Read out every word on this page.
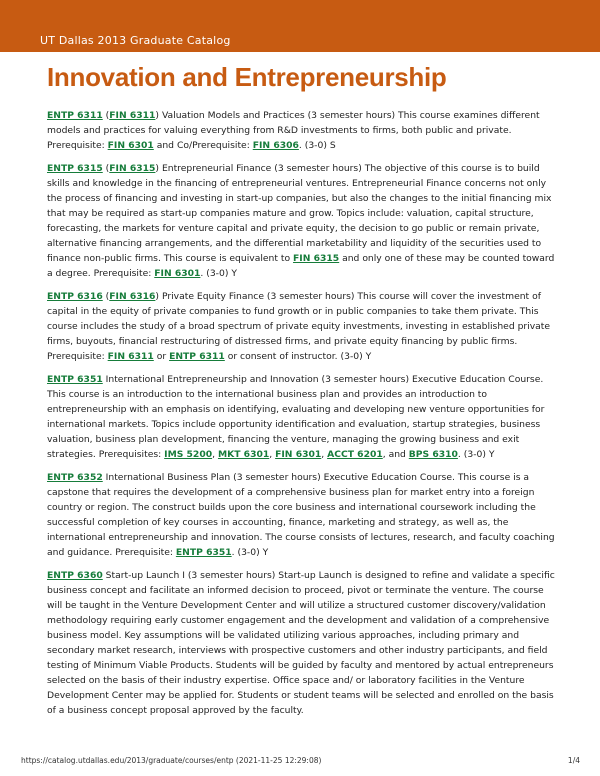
UT Dallas 2013 Graduate Catalog
Innovation and Entrepreneurship

ENTP 6311 (FIN 6311) Valuation Models and Practices (3 semester hours) This course examines different models and practices for valuing everything from R&D investments to firms, both public and private. Prerequisite: FIN 6301 and Co/Prerequisite: FIN 6306. (3-0) S

ENTP 6315 (FIN 6315) Entrepreneurial Finance (3 semester hours) The objective of this course is to build skills and knowledge in the financing of entrepreneurial ventures. Entrepreneurial Finance concerns not only the process of financing and investing in start-up companies, but also the changes to the initial financing mix that may be required as start-up companies mature and grow. Topics include: valuation, capital structure, forecasting, the markets for venture capital and private equity, the decision to go public or remain private, alternative financing arrangements, and the differential marketability and liquidity of the securities used to finance non-public firms. This course is equivalent to FIN 6315 and only one of these may be counted toward a degree. Prerequisite: FIN 6301. (3-0) Y

ENTP 6316 (FIN 6316) Private Equity Finance (3 semester hours) This course will cover the investment of capital in the equity of private companies to fund growth or in public companies to take them private. This course includes the study of a broad spectrum of private equity investments, investing in established private firms, buyouts, financial restructuring of distressed firms, and private equity financing by public firms. Prerequisite: FIN 6311 or ENTP 6311 or consent of instructor. (3-0) Y

ENTP 6351 International Entrepreneurship and Innovation (3 semester hours) Executive Education Course. This course is an introduction to the international business plan and provides an introduction to entrepreneurship with an emphasis on identifying, evaluating and developing new venture opportunities for international markets. Topics include opportunity identification and evaluation, startup strategies, business valuation, business plan development, financing the venture, managing the growing business and exit strategies. Prerequisites: IMS 5200, MKT 6301, FIN 6301, ACCT 6201, and BPS 6310. (3-0) Y

ENTP 6352 International Business Plan (3 semester hours) Executive Education Course. This course is a capstone that requires the development of a comprehensive business plan for market entry into a foreign country or region. The construct builds upon the core business and international coursework including the successful completion of key courses in accounting, finance, marketing and strategy, as well as, the international entrepreneurship and innovation. The course consists of lectures, research, and faculty coaching and guidance. Prerequisite: ENTP 6351. (3-0) Y

ENTP 6360 Start-up Launch I (3 semester hours) Start-up Launch is designed to refine and validate a specific business concept and facilitate an informed decision to proceed, pivot or terminate the venture. The course will be taught in the Venture Development Center and will utilize a structured customer discovery/validation methodology requiring early customer engagement and the development and validation of a comprehensive business model. Key assumptions will be validated utilizing various approaches, including primary and secondary market research, interviews with prospective customers and other industry participants, and field testing of Minimum Viable Products. Students will be guided by faculty and mentored by actual entrepreneurs selected on the basis of their industry expertise. Office space and/ or laboratory facilities in the Venture Development Center may be applied for. Students or student teams will be selected and enrolled on the basis of a business concept proposal approved by the faculty.

https://catalog.utdallas.edu/2013/graduate/courses/entp (2021-11-25 12:29:08)	1/4
